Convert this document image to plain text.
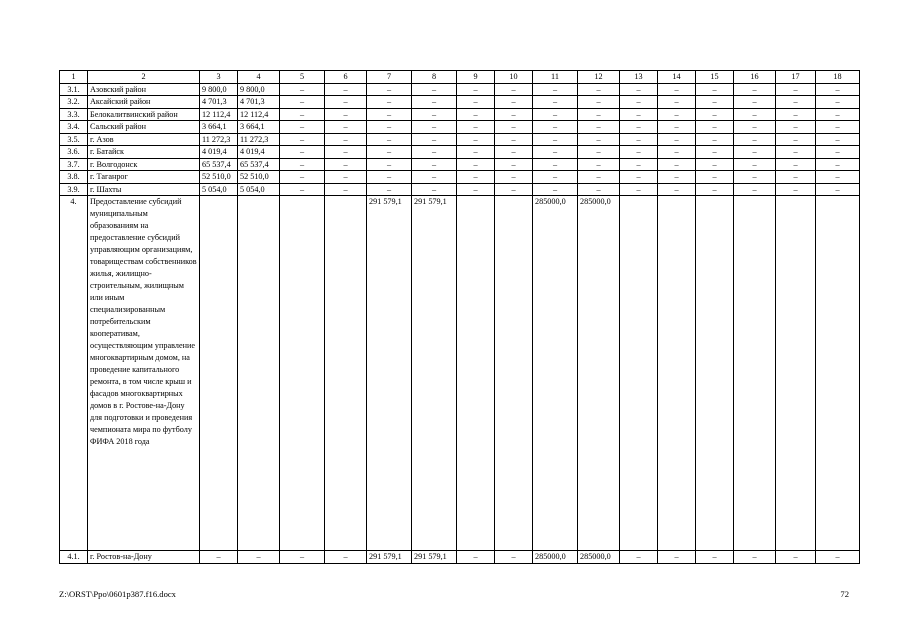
1	2	3	4	5	6	7	8	9	10	11	12	13	14	15	16	17	18
3.1.	Азовский район	9 800,0	9 800,0	–	–	–	–	–	–	–	–	–	–	–	–	–	–
3.2.	Аксайский район	4 701,3	4 701,3	–	–	–	–	–	–	–	–	–	–	–	–	–	–
3.3.	Белокалитвинский район	12 112,4	12 112,4	–	–	–	–	–	–	–	–	–	–	–	–	–	–
3.4.	Сальский район	3 664,1	3 664,1	–	–	–	–	–	–	–	–	–	–	–	–	–	–
3.5.	г. Азов	11 272,3	11 272,3	–	–	–	–	–	–	–	–	–	–	–	–	–	–
3.6.	г. Батайск	4 019,4	4 019,4	–	–	–	–	–	–	–	–	–	–	–	–	–	–
3.7.	г. Волгодонск	65 537,4	65 537,4	–	–	–	–	–	–	–	–	–	–	–	–	–	–
3.8.	г. Таганрог	52 510,0	52 510,0	–	–	–	–	–	–	–	–	–	–	–	–	–	–
3.9.	г. Шахты	5 054,0	5 054,0	–	–	–	–	–	–	–	–	–	–	–	–	–	–
4.	Предоставление субсидий муниципальным образованиям на предоставление субсидий управляющим организациям, товариществам собственников жилья, жилищно-строительным, жилищным или иным специализированным потребительским кооперативам, осуществляющим управление многоквартирным домом, на проведение капитального ремонта, в том числе крыш и фасадов многоквартирных домов в г. Ростове-на-Дону для подготовки и проведения чемпионата мира по футболу ФИФА 2018 года					291 579,1	291 579,1			285000,0	285000,0						
4.1.	г. Ростов-на-Дону	–	–	–	–	291 579,1	291 579,1	–	–	285000,0	285000,0	–	–	–	–	–	–
Z:\ORST\Ppo\0601p387.f16.docx	72
